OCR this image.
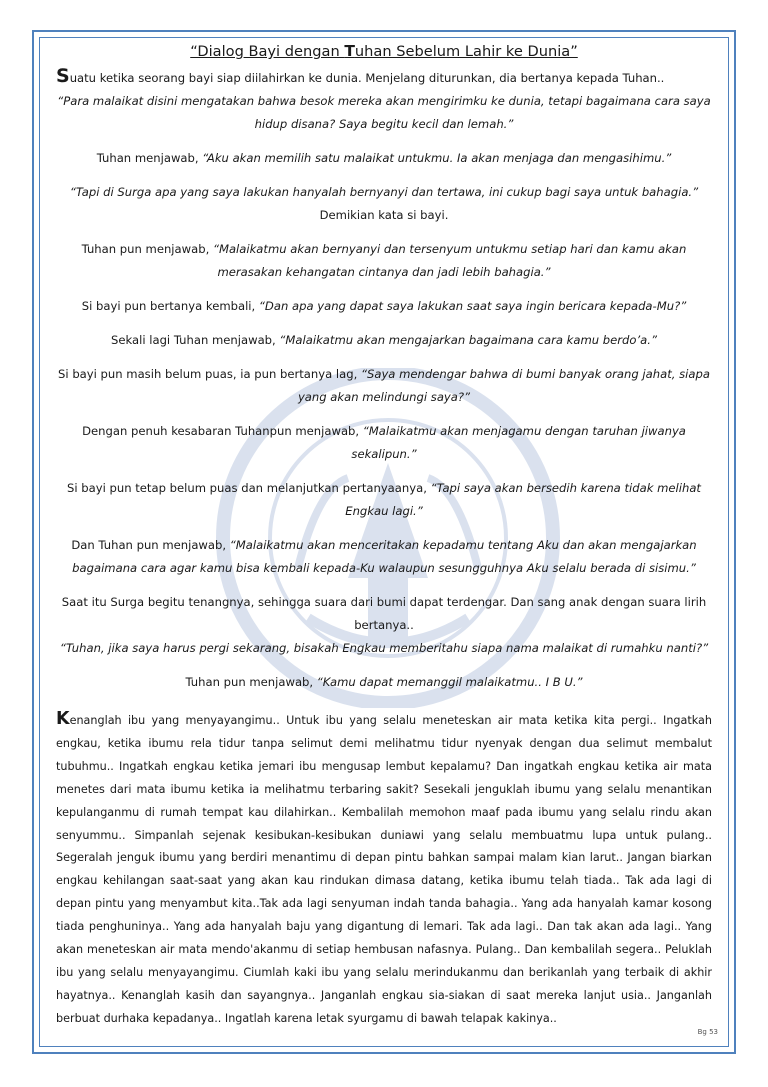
“Dialog Bayi dengan Tuhan Sebelum Lahir ke Dunia”

Suatu ketika seorang bayi siap diilahirkan ke dunia. Menjelang diturunkan, dia bertanya kepada Tuhan..

“Para malaikat disini mengatakan bahwa besok mereka akan mengirimku ke dunia, tetapi bagaimana cara saya hidup disana? Saya begitu kecil dan lemah.”

Tuhan menjawab, “Aku akan memilih satu malaikat untukmu. Ia akan menjaga dan mengasihimu.”

“Tapi di Surga apa yang saya lakukan hanyalah bernyanyi dan tertawa, ini cukup bagi saya untuk bahagia.” Demikian kata si bayi.

Tuhan pun menjawab, “Malaikatmu akan bernyanyi dan tersenyum untukmu setiap hari dan kamu akan merasakan kehangatan cintanya dan jadi lebih bahagia.”

Si bayi pun bertanya kembali, “Dan apa yang dapat saya lakukan saat saya ingin bericara kepada-Mu?”

Sekali lagi Tuhan menjawab, “Malaikatmu akan mengajarkan bagaimana cara kamu berdo’a.”

Si bayi pun masih belum puas, ia pun bertanya lag, “Saya mendengar bahwa di bumi banyak orang jahat, siapa yang akan melindungi saya?”

Dengan penuh kesabaran Tuhanpun menjawab, “Malaikatmu akan menjagamu dengan taruhan jiwanya sekalipun.”

Si bayi pun tetap belum puas dan melanjutkan pertanyaanya, “Tapi saya akan bersedih karena tidak melihat Engkau lagi.”

Dan Tuhan pun menjawab, “Malaikatmu akan menceritakan kepadamu tentang Aku dan akan mengajarkan bagaimana cara agar kamu bisa kembali kepada-Ku walaupun sesungguhnya Aku selalu berada di sisimu.”

Saat itu Surga begitu tenangnya, sehingga suara dari bumi dapat terdengar. Dan sang anak dengan suara lirih bertanya..

“Tuhan, jika saya harus pergi sekarang, bisakah Engkau memberitahu siapa nama malaikat di rumahku nanti?”

Tuhan pun menjawab, “Kamu dapat memanggil malaikatmu.. I B U.”

Kenanglah ibu yang menyayangimu.. Untuk ibu yang selalu meneteskan air mata ketika kita pergi.. Ingatkah engkau, ketika ibumu rela tidur tanpa selimut demi melihatmu tidur nyenyak dengan dua selimut membalut tubuhmu.. Ingatkah engkau ketika jemari ibu mengusap lembut kepalamu? Dan ingatkah engkau ketika air mata menetes dari mata ibumu ketika ia melihatmu terbaring sakit? Sesekali jenguklah ibumu yang selalu menantikan kepulanganmu di rumah tempat kau dilahirkan.. Kembalilah memohon maaf pada ibumu yang selalu rindu akan senyummu.. Simpanlah sejenak kesibukan-kesibukan duniawi yang selalu membuatmu lupa untuk pulang.. Segeralah jenguk ibumu yang berdiri menantimu di depan pintu bahkan sampai malam kian larut.. Jangan biarkan engkau kehilangan saat-saat yang akan kau rindukan dimasa datang, ketika ibumu telah tiada.. Tak ada lagi di depan pintu yang menyambut kita..Tak ada lagi senyuman indah tanda bahagia.. Yang ada hanyalah kamar kosong tiada penghuninya.. Yang ada hanyalah baju yang digantung di lemari. Tak ada lagi.. Dan tak akan ada lagi.. Yang akan meneteskan air mata mendo'akanmu di setiap hembusan nafasnya. Pulang.. Dan kembalilah segera.. Peluklah ibu yang selalu menyayangimu. Ciumlah kaki ibu yang selalu merindukanmu dan berikanlah yang terbaik di akhir hayatnya.. Kenanglah kasih dan sayangnya.. Janganlah engkau sia-siakan di saat mereka lanjut usia.. Janganlah berbuat durhaka kepadanya.. Ingatlah karena letak syurgamu di bawah telapak kakinya..

Bg 53
